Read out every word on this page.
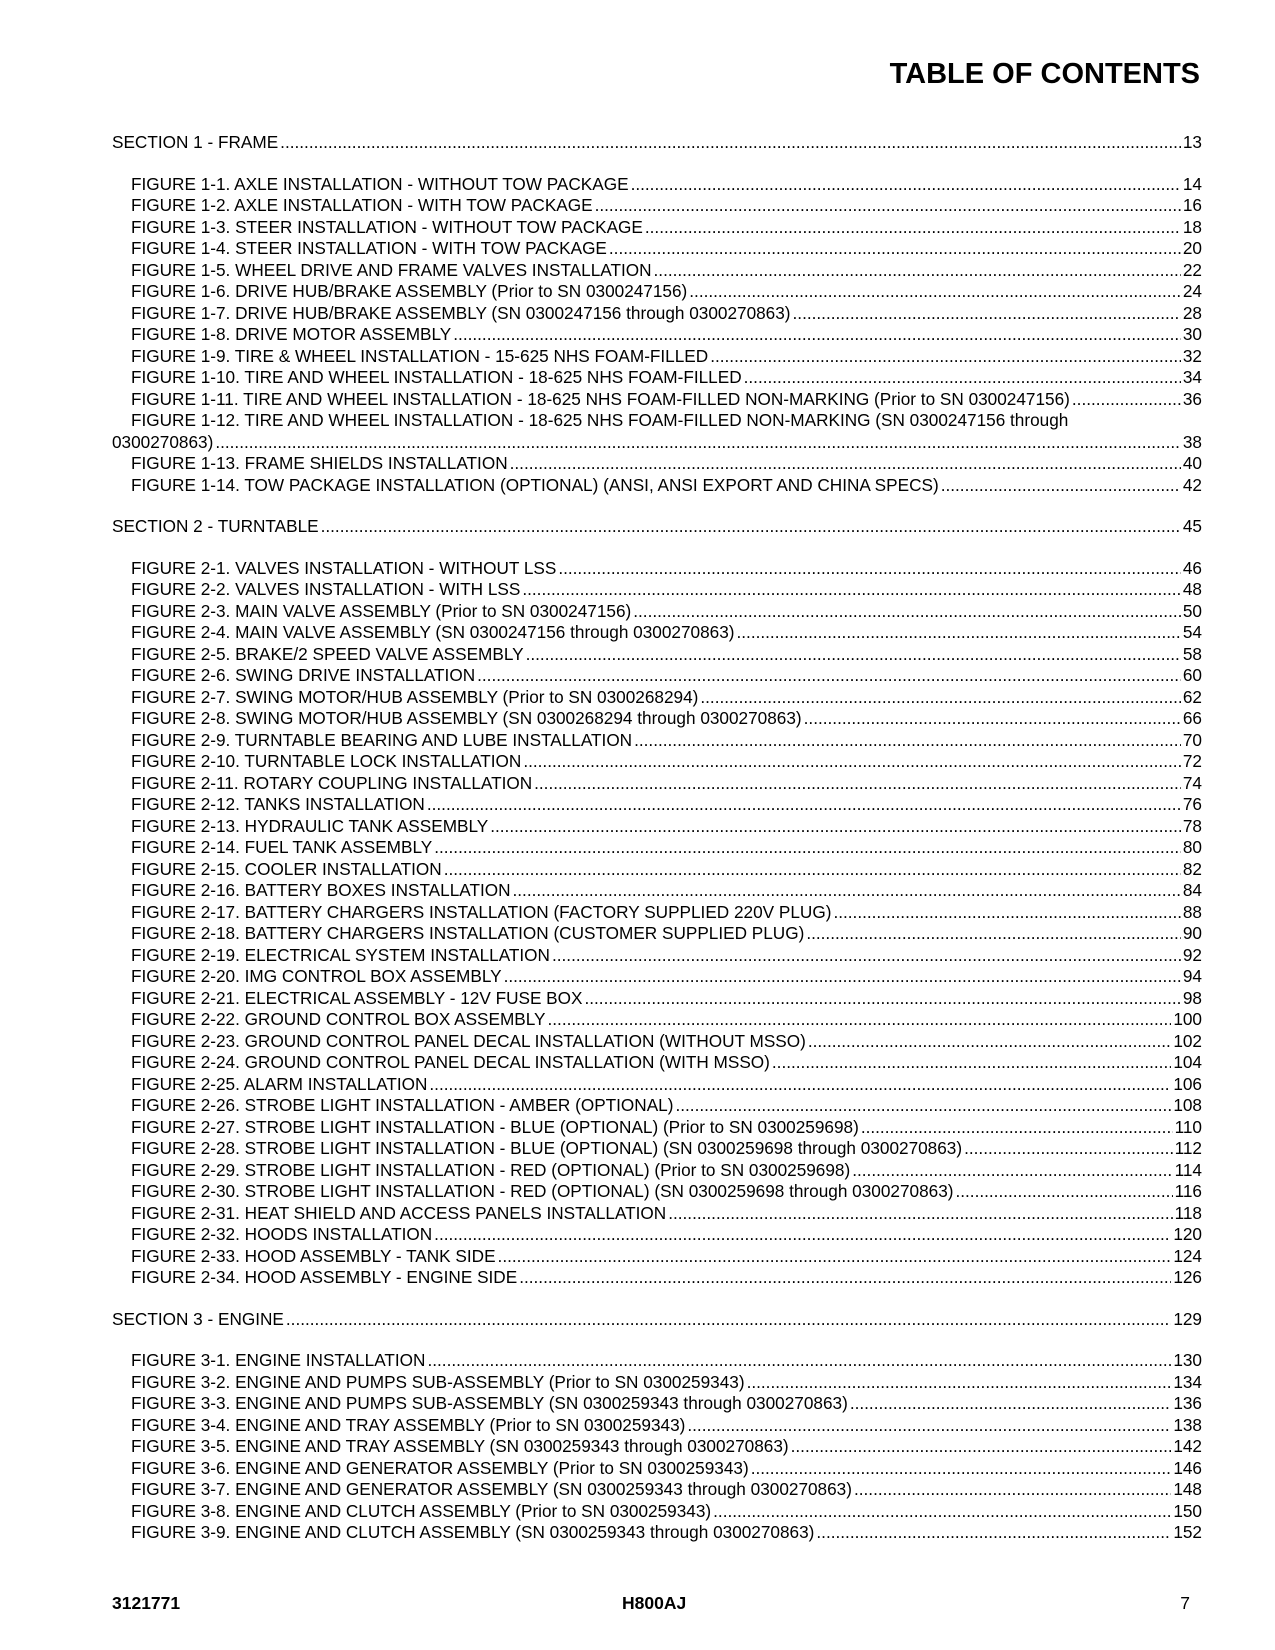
TABLE OF CONTENTS
SECTION 1 - FRAME .....	13
FIGURE 1-1. AXLE INSTALLATION - WITHOUT TOW PACKAGE .....	14
FIGURE 1-2. AXLE INSTALLATION - WITH TOW PACKAGE .....	16
FIGURE 1-3. STEER INSTALLATION - WITHOUT TOW PACKAGE .....	18
FIGURE 1-4. STEER INSTALLATION - WITH TOW PACKAGE .....	20
FIGURE 1-5. WHEEL DRIVE AND FRAME VALVES INSTALLATION .....	22
FIGURE 1-6. DRIVE HUB/BRAKE ASSEMBLY (Prior to SN 0300247156) .....	24
FIGURE 1-7. DRIVE HUB/BRAKE ASSEMBLY (SN 0300247156 through 0300270863) .....	28
FIGURE 1-8. DRIVE MOTOR ASSEMBLY .....	30
FIGURE 1-9. TIRE & WHEEL INSTALLATION - 15-625 NHS FOAM-FILLED .....	32
FIGURE 1-10. TIRE AND WHEEL INSTALLATION - 18-625 NHS FOAM-FILLED .....	34
FIGURE 1-11. TIRE AND WHEEL INSTALLATION - 18-625 NHS FOAM-FILLED NON-MARKING (Prior to SN 0300247156) .....	36
FIGURE 1-12. TIRE AND WHEEL INSTALLATION - 18-625 NHS FOAM-FILLED NON-MARKING (SN 0300247156 through
0300270863) .....	38
FIGURE 1-13. FRAME SHIELDS INSTALLATION .....	40
FIGURE 1-14. TOW PACKAGE INSTALLATION (OPTIONAL) (ANSI, ANSI EXPORT AND CHINA SPECS) .....	42
SECTION 2 - TURNTABLE .....	45
FIGURE 2-1. VALVES INSTALLATION - WITHOUT LSS .....	46
FIGURE 2-2. VALVES INSTALLATION - WITH LSS .....	48
FIGURE 2-3. MAIN VALVE ASSEMBLY (Prior to SN 0300247156) .....	50
FIGURE 2-4. MAIN VALVE ASSEMBLY (SN 0300247156 through 0300270863) .....	54
FIGURE 2-5. BRAKE/2 SPEED VALVE ASSEMBLY .....	58
FIGURE 2-6. SWING DRIVE INSTALLATION .....	60
FIGURE 2-7. SWING MOTOR/HUB ASSEMBLY (Prior to SN 0300268294) .....	62
FIGURE 2-8. SWING MOTOR/HUB ASSEMBLY (SN 0300268294 through 0300270863) .....	66
FIGURE 2-9. TURNTABLE BEARING AND LUBE INSTALLATION .....	70
FIGURE 2-10. TURNTABLE LOCK INSTALLATION .....	72
FIGURE 2-11. ROTARY COUPLING INSTALLATION .....	74
FIGURE 2-12. TANKS INSTALLATION .....	76
FIGURE 2-13. HYDRAULIC TANK ASSEMBLY .....	78
FIGURE 2-14. FUEL TANK ASSEMBLY .....	80
FIGURE 2-15. COOLER INSTALLATION .....	82
FIGURE 2-16. BATTERY BOXES INSTALLATION .....	84
FIGURE 2-17. BATTERY CHARGERS INSTALLATION (FACTORY SUPPLIED 220V PLUG) .....	88
FIGURE 2-18. BATTERY CHARGERS INSTALLATION (CUSTOMER SUPPLIED PLUG) .....	90
FIGURE 2-19. ELECTRICAL SYSTEM INSTALLATION .....	92
FIGURE 2-20. IMG CONTROL BOX ASSEMBLY .....	94
FIGURE 2-21. ELECTRICAL ASSEMBLY - 12V FUSE BOX .....	98
FIGURE 2-22. GROUND CONTROL BOX ASSEMBLY .....	100
FIGURE 2-23. GROUND CONTROL PANEL DECAL INSTALLATION (WITHOUT MSSO) .....	102
FIGURE 2-24. GROUND CONTROL PANEL DECAL INSTALLATION (WITH MSSO) .....	104
FIGURE 2-25. ALARM INSTALLATION .....	106
FIGURE 2-26. STROBE LIGHT INSTALLATION - AMBER (OPTIONAL) .....	108
FIGURE 2-27. STROBE LIGHT INSTALLATION - BLUE (OPTIONAL) (Prior to SN 0300259698) .....	110
FIGURE 2-28. STROBE LIGHT INSTALLATION - BLUE (OPTIONAL) (SN 0300259698 through 0300270863) .....	112
FIGURE 2-29. STROBE LIGHT INSTALLATION - RED (OPTIONAL) (Prior to SN 0300259698) .....	114
FIGURE 2-30. STROBE LIGHT INSTALLATION - RED (OPTIONAL) (SN 0300259698 through 0300270863) .....	116
FIGURE 2-31. HEAT SHIELD AND ACCESS PANELS INSTALLATION .....	118
FIGURE 2-32. HOODS INSTALLATION .....	120
FIGURE 2-33. HOOD ASSEMBLY - TANK SIDE .....	124
FIGURE 2-34. HOOD ASSEMBLY - ENGINE SIDE .....	126
SECTION 3 - ENGINE .....	129
FIGURE 3-1. ENGINE INSTALLATION .....	130
FIGURE 3-2. ENGINE AND PUMPS SUB-ASSEMBLY (Prior to SN 0300259343) .....	134
FIGURE 3-3. ENGINE AND PUMPS SUB-ASSEMBLY (SN 0300259343 through 0300270863) .....	136
FIGURE 3-4. ENGINE AND TRAY ASSEMBLY (Prior to SN 0300259343) .....	138
FIGURE 3-5. ENGINE AND TRAY ASSEMBLY (SN 0300259343 through 0300270863) .....	142
FIGURE 3-6. ENGINE AND GENERATOR ASSEMBLY (Prior to SN 0300259343) .....	146
FIGURE 3-7. ENGINE AND GENERATOR ASSEMBLY (SN 0300259343 through 0300270863) .....	148
FIGURE 3-8. ENGINE AND CLUTCH ASSEMBLY (Prior to SN 0300259343) .....	150
FIGURE 3-9. ENGINE AND CLUTCH ASSEMBLY (SN 0300259343 through 0300270863) .....	152
3121771	H800AJ	7
